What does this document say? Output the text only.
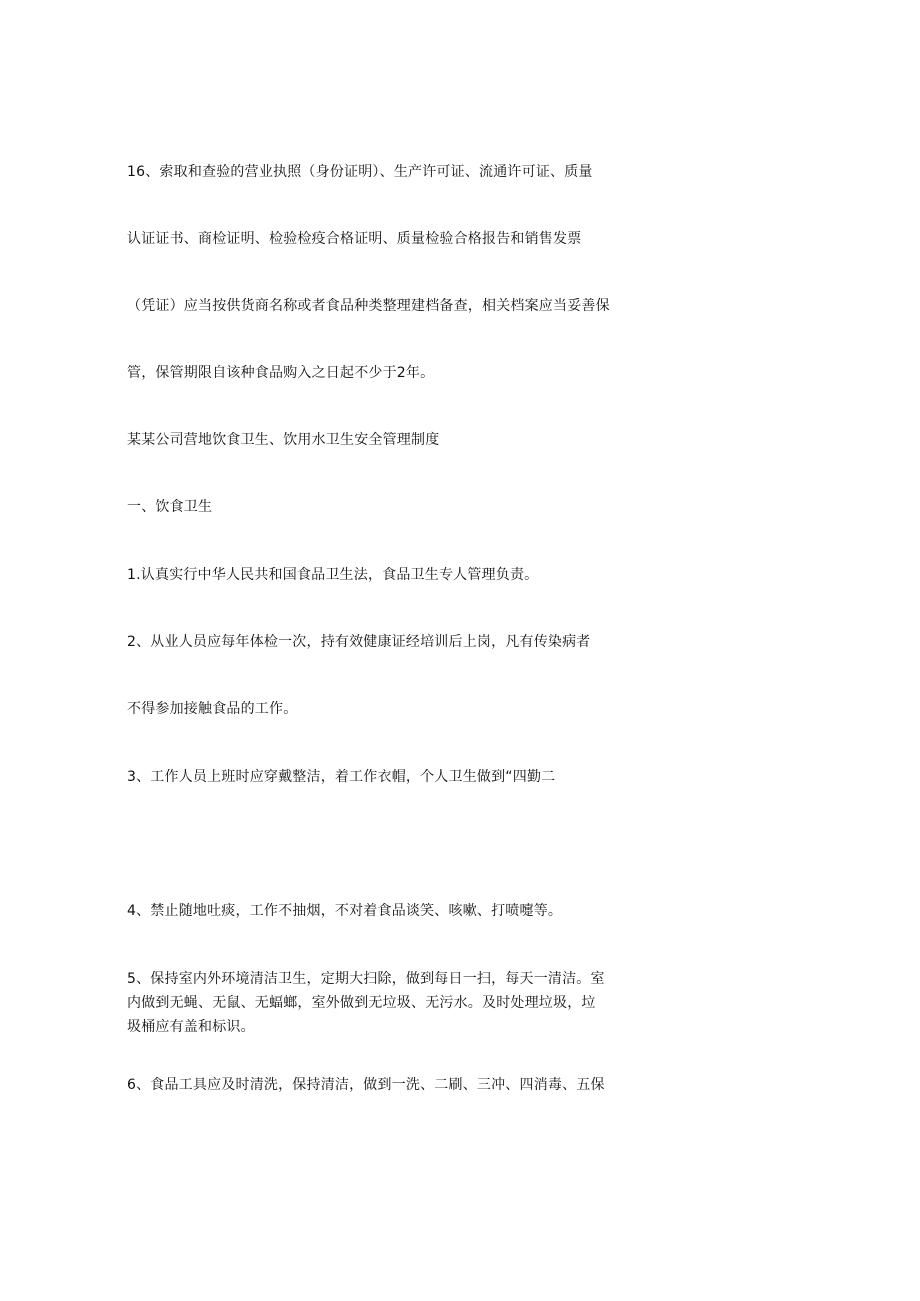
16、索取和查验的营业执照（身份证明）、生产许可证、流通许可证、质量
认证证书、商检证明、检验检疫合格证明、质量检验合格报告和销售发票
（凭证）应当按供货商名称或者食品种类整理建档备查，相关档案应当妥善保
管，保管期限自该种食品购入之日起不少于2年。
某某公司营地饮食卫生、饮用水卫生安全管理制度
一、饮食卫生
1.认真实行中华人民共和国食品卫生法，食品卫生专人管理负责。
2、从业人员应每年体检一次，持有效健康证经培训后上岗，凡有传染病者
不得参加接触食品的工作。
3、工作人员上班时应穿戴整洁，着工作衣帽，个人卫生做到“四勤二
4、禁止随地吐痰，工作不抽烟，不对着食品谈笑、咳嗽、打喷嚏等。
5、保持室内外环境清洁卫生，定期大扫除，做到每日一扫，每天一清洁。室
内做到无蝇、无鼠、无蝠螂，室外做到无垃圾、无污水。及时处理垃圾，垃
圾桶应有盖和标识。
6、食品工具应及时清洗，保持清洁，做到一洗、二刷、三冲、四消毒、五保
